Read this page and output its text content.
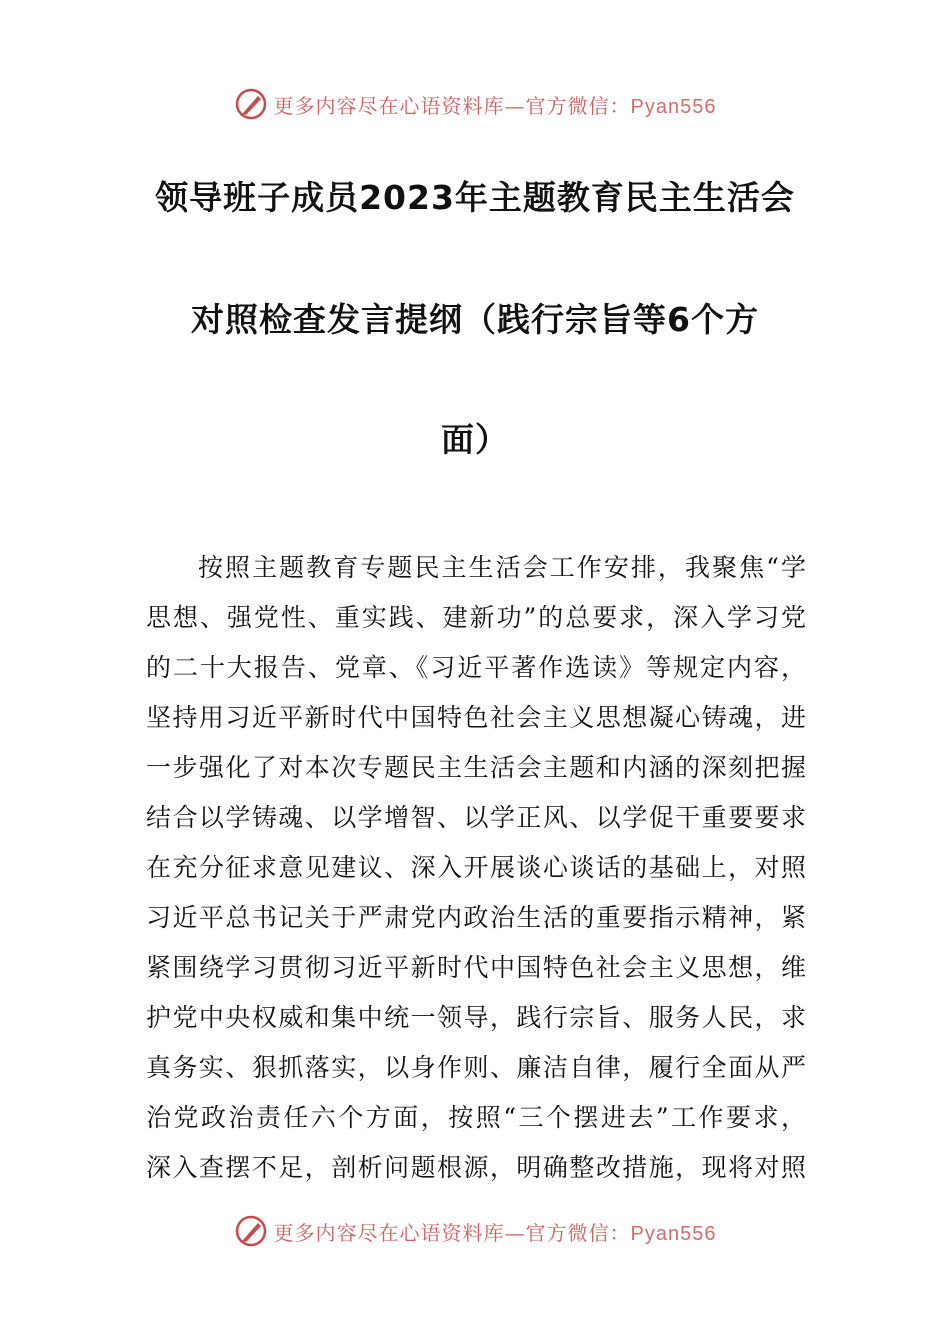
更多内容尽在心语资料库—官方微信：Pyan556
领导班子成员2023年主题教育民主生活会
对照检查发言提纲（践行宗旨等6个方
面）
按照主题教育专题民主生活会工作安排，我聚焦“学
思想、强党性、重实践、建新功”的总要求，深入学习党
的二十大报告、党章、《习近平著作选读》等规定内容，
坚持用习近平新时代中国特色社会主义思想凝心铸魂，进
一步强化了对本次专题民主生活会主题和内涵的深刻把握
结合以学铸魂、以学增智、以学正风、以学促干重要要求
在充分征求意见建议、深入开展谈心谈话的基础上，对照
习近平总书记关于严肃党内政治生活的重要指示精神，紧
紧围绕学习贯彻习近平新时代中国特色社会主义思想，维
护党中央权威和集中统一领导，践行宗旨、服务人民，求
真务实、狠抓落实，以身作则、廉洁自律，履行全面从严
治党政治责任六个方面，按照“三个摆进去”工作要求，
深入查摆不足，剖析问题根源，明确整改措施，现将对照
更多内容尽在心语资料库—官方微信：Pyan556
